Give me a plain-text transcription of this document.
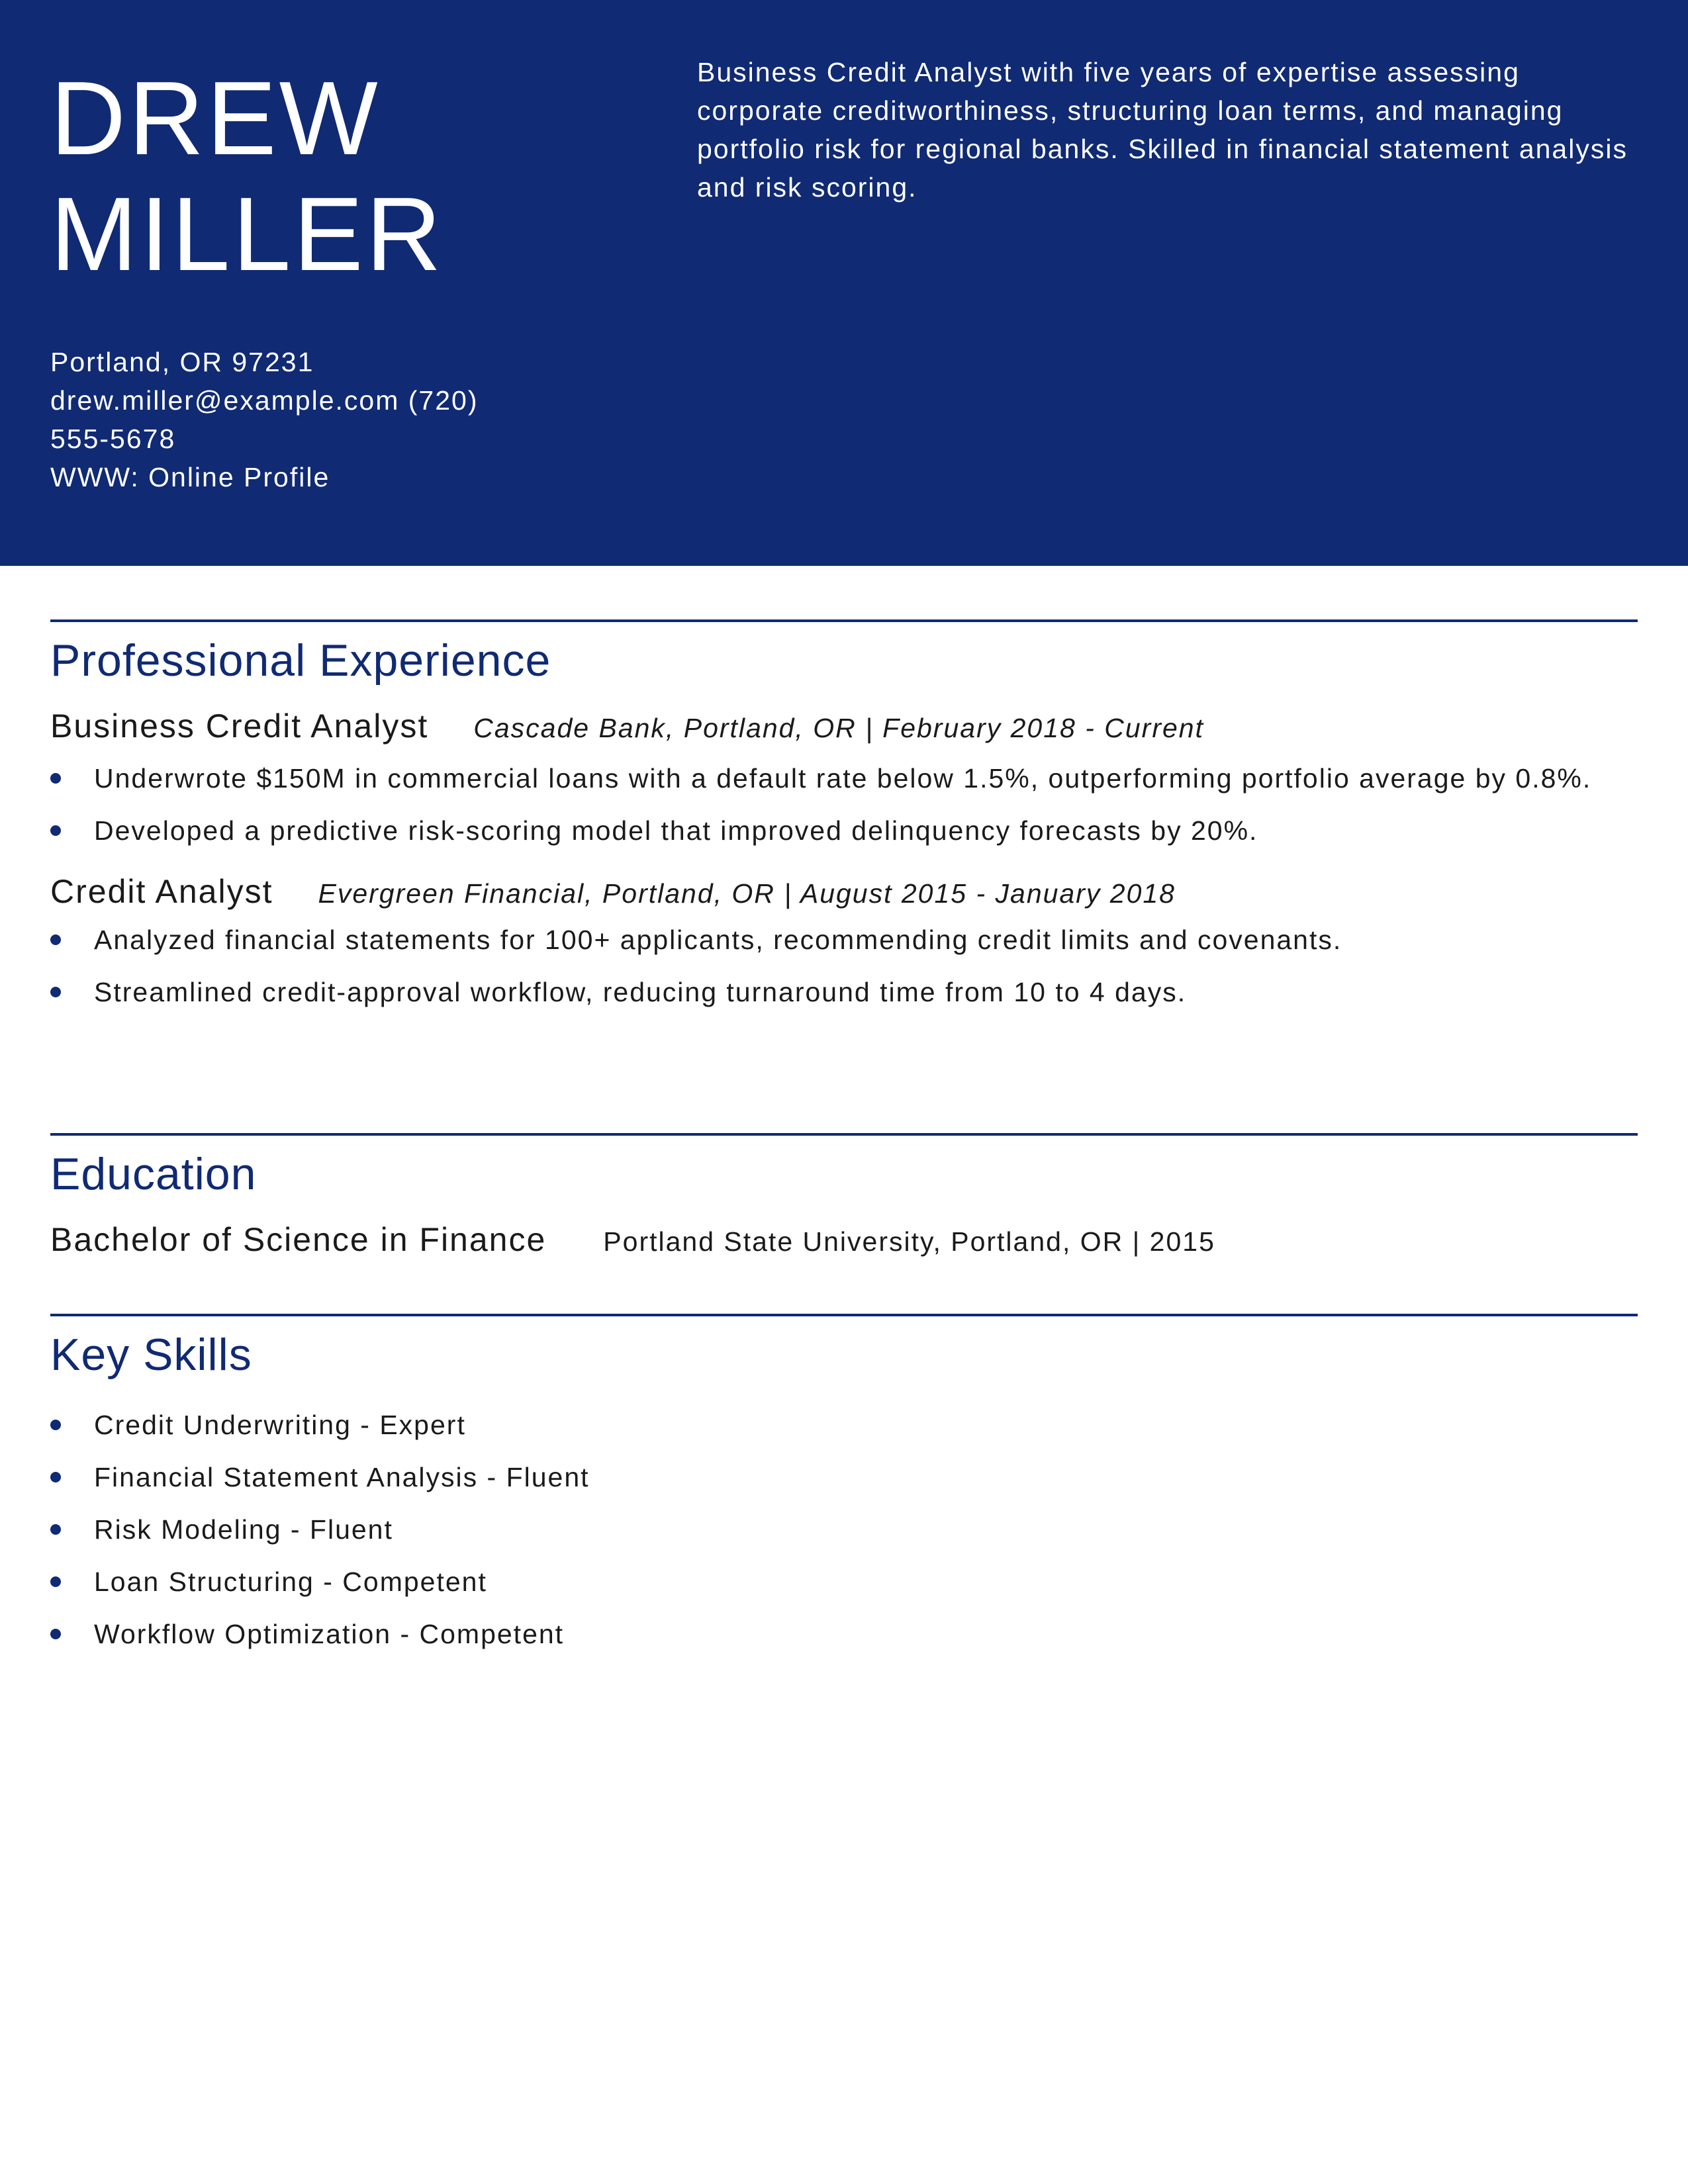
DREW
MILLER

Business Credit Analyst with five years of expertise assessing corporate creditworthiness, structuring loan terms, and managing portfolio risk for regional banks. Skilled in financial statement analysis and risk scoring.

Portland, OR 97231
drew.miller@example.com (720)
555-5678
WWW: Online Profile
Professional Experience
Business Credit Analyst Cascade Bank, Portland, OR | February 2018 - Current
Underwrote $150M in commercial loans with a default rate below 1.5%, outperforming portfolio average by 0.8%.
Developed a predictive risk-scoring model that improved delinquency forecasts by 20%.
Credit Analyst Evergreen Financial, Portland, OR | August 2015 - January 2018
Analyzed financial statements for 100+ applicants, recommending credit limits and covenants.
Streamlined credit-approval workflow, reducing turnaround time from 10 to 4 days.
Education
Bachelor of Science in Finance Portland State University, Portland, OR | 2015
Key Skills
Credit Underwriting - Expert
Financial Statement Analysis - Fluent
Risk Modeling - Fluent
Loan Structuring - Competent
Workflow Optimization - Competent
